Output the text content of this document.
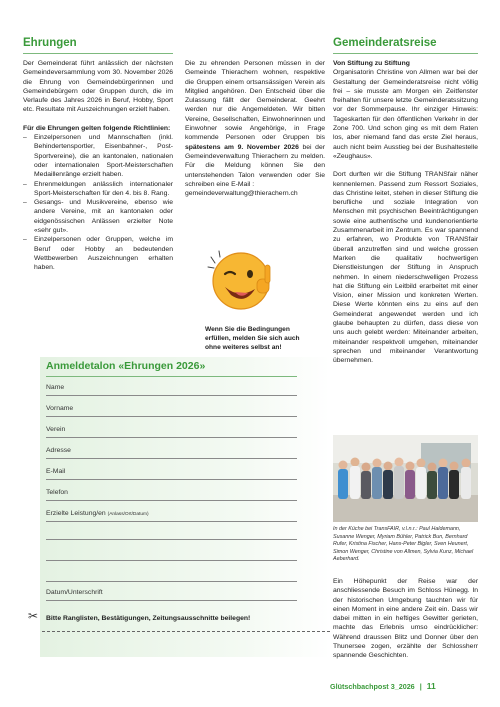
Ehrungen

Der Gemeinderat führt anlässlich der nächsten Gemeindeversammlung vom 30. November 2026 die Ehrung von Gemeindebürgerinnen und Gemeindebürgern oder Gruppen durch, die im Verlaufe des Jahres 2026 in Beruf, Hobby, Sport etc. Resultate mit Auszeichnungen erzielt haben.

Für die Ehrungen gelten folgende Richtlinien:

– Einzelpersonen und Mannschaften (inkl. Behindertensportler, Eisenbahner-, Post-Sportvereine), die an kantonalen, nationalen oder internationalen Sport-Meisterschaften Medaillenränge erzielt haben.
– Ehrenmeldungen anlässlich internationaler Sport-Meisterschaften für den 4. bis 8. Rang.
– Gesangs- und Musikvereine, ebenso wie andere Vereine, mit an kantonalen oder eidgenössischen Anlässen erzielter Note «sehr gut».
– Einzelpersonen oder Gruppen, welche im Beruf oder Hobby an bedeutenden Wettbewerben Auszeichnungen erhalten haben.
Die zu ehrenden Personen müssen in der Gemeinde Thierachern wohnen, respektive die Gruppen einem ortsansässigen Verein als Mitglied angehören. Den Entscheid über die Zulassung fällt der Gemeinderat. Geehrt werden nur die Angemeldeten. Wir bitten Vereine, Gesellschaften, Einwohnerinnen und Einwohner sowie Angehörige, in Frage kommende Personen oder Gruppen bis spätestens am 9. November 2026 bei der Gemeindeverwaltung Thierachern zu melden. Für die Meldung können Sie den untenstehenden Talon verwenden oder Sie schreiben eine E-Mail :
gemeindeverwaltung@thierachern.ch
Wenn Sie die Bedingungen erfüllen, melden Sie sich auch ohne weiteres selbst an!
Anmeldetalon «Ehrungen 2026»
Name
Vorname
Verein
Adresse
E-Mail
Telefon
Erzielte Leistung/en (Anlass/Ort/Datum)
Datum/Unterschrift
✂ Bitte Ranglisten, Bestätigungen, Zeitungsausschnitte beilegen!
Gemeinderatsreise

Von Stiftung zu Stiftung

Organisatorin Christine von Allmen war bei der Gestaltung der Gemeinderatsreise nicht völlig frei – sie musste am Morgen ein Zeitfenster freihalten für unsere letzte Gemeinderatssitzung vor der Sommerpause. Ihr einziger Hinweis: Tageskarten für den öffentlichen Verkehr in der Zone 700. Und schon ging es mit dem Raten los, aber niemand fand das erste Ziel heraus, auch nicht beim Ausstieg bei der Bushaltestelle «Zeughaus».

Dort durften wir die Stiftung TRANSfair näher kennenlernen. Passend zum Ressort Soziales, das Christine leitet, stehen in dieser Stiftung die berufliche und soziale Integration von Menschen mit psychischen Beeinträchtigungen sowie eine authentische und kundenorientierte Zusammenarbeit im Zentrum. Es war spannend zu erfahren, wo Produkte von TRANSfair überall anzutreffen sind und welche grossen Marken die qualitativ hochwertigen Dienstleistungen der Stiftung in Anspruch nehmen. In einem niederschwelligen Prozess hat die Stiftung ein Leitbild erarbeitet mit einer Vision, einer Mission und konkreten Werten. Diese Werte könnten eins zu eins auf den Gemeinderat angewendet werden und ich glaube behaupten zu dürfen, dass diese von uns auch gelebt werden: Miteinander arbeiten, miteinander respektvoll umgehen, miteinander sprechen und miteinander Verantwortung übernehmen.

In der Küche bei TransFAIR, v.l.n.r.: Paul Haldemann, Susanne Wenger, Myriam Bühler, Patrick Bun, Bernhard Rufer, Kristina Fischer, Hans-Peter Bigler, Sven Heunert, Simon Wenger, Christine von Allmen, Sylvia Kunz, Michael Aeberhard.
Ein Höhepunkt der Reise war der anschliessende Besuch im Schloss Hünegg. In der historischen Umgebung tauchten wir für einen Moment in eine andere Zeit ein. Dass wir dabei mitten in ein heftiges Gewitter gerieten, machte das Erlebnis umso eindrücklicher: Während draussen Blitz und Donner über den Thunersee zogen, erzählte der Schlossherr spannende Geschichten.
Glütschbachpost 3_2026 | 11
